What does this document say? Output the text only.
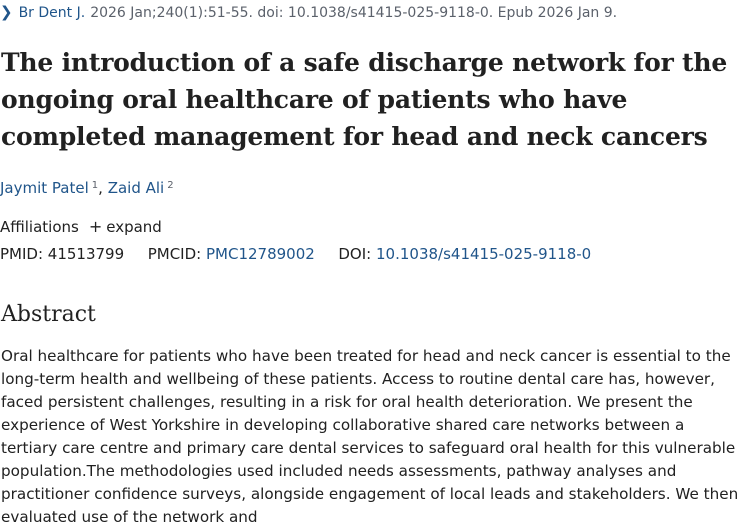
❯ Br Dent J. 2026 Jan;240(1):51-55. doi: 10.1038/s41415-025-9118-0. Epub 2026 Jan 9.
The introduction of a safe discharge network for the ongoing oral healthcare of patients who have completed management for head and neck cancers
Jaymit Patel $^1$, Zaid Ali $^2$
Affiliations + expand
PMID: 41513799 PMCID: PMC12789002 DOI: 10.1038/s41415-025-9118-0
Abstract

Oral healthcare for patients who have been treated for head and neck cancer is essential to the long-term health and wellbeing of these patients. Access to routine dental care has, however, faced persistent challenges, resulting in a risk for oral health deterioration. We present the experience of West Yorkshire in developing collaborative shared care networks between a tertiary care centre and primary care dental services to safeguard oral health for this vulnerable population.The methodologies used included needs assessments, pathway analyses and practitioner confidence surveys, alongside engagement of local leads and stakeholders. We then evaluated use of the network and
